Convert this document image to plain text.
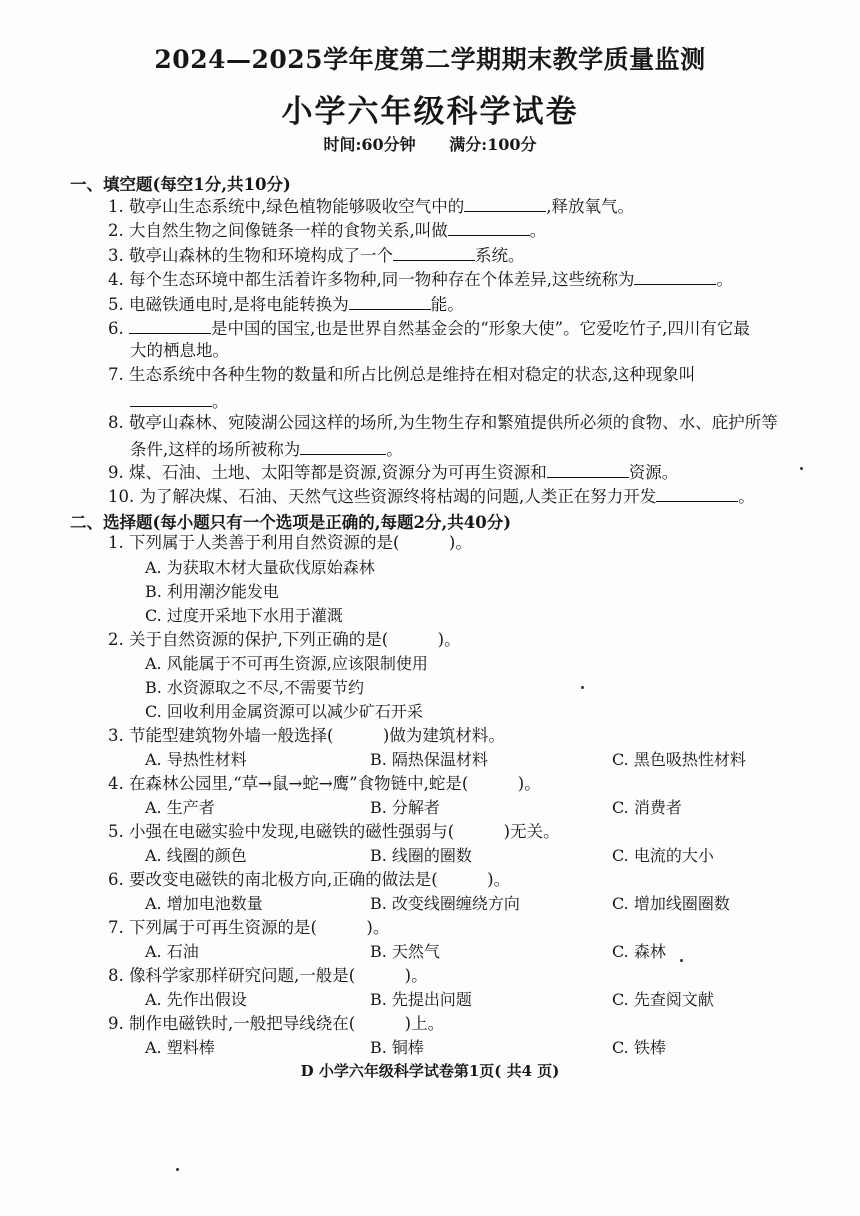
2024—2025学年度第二学期期末教学质量监测
小学六年级科学试卷
时间:60分钟 满分:100分
一、填空题(每空1分,共10分)
1. 敬亭山生态系统中,绿色植物能够吸收空气中的	,释放氧气。
2. 大自然生物之间像链条一样的食物关系,叫做	。
3. 敬亭山森林的生物和环境构成了一个	系统。
4. 每个生态环境中都生活着许多物种,同一物种存在个体差异,这些统称为	。
5. 电磁铁通电时,是将电能转换为	能。
6.	是中国的国宝,也是世界自然基金会的“形象大使”。它爱吃竹子,四川有它最
大的栖息地。
7. 生态系统中各种生物的数量和所占比例总是维持在相对稳定的状态,这种现象叫
。
8. 敬亭山森林、宛陵湖公园这样的场所,为生物生存和繁殖提供所必须的食物、水、庇护所等
条件,这样的场所被称为	。
9. 煤、石油、土地、太阳等都是资源,资源分为可再生资源和	资源。
10. 为了解决煤、石油、天然气这些资源终将枯竭的问题,人类正在努力开发	。
二、选择题(每小题只有一个选项是正确的,每题2分,共40分)
1. 下列属于人类善于利用自然资源的是(　　　)。
A. 为获取木材大量砍伐原始森林
B. 利用潮汐能发电
C. 过度开采地下水用于灌溉
2. 关于自然资源的保护,下列正确的是(　　　)。
A. 风能属于不可再生资源,应该限制使用
B. 水资源取之不尽,不需要节约
C. 回收利用金属资源可以减少矿石开采
3. 节能型建筑物外墙一般选择(　　　)做为建筑材料。
A. 导热性材料	B. 隔热保温材料	C. 黑色吸热性材料
4. 在森林公园里,“草→鼠→蛇→鹰”食物链中,蛇是(　　　)。
A. 生产者	B. 分解者	C. 消费者
5. 小强在电磁实验中发现,电磁铁的磁性强弱与(　　　)无关。
A. 线圈的颜色	B. 线圈的圈数	C. 电流的大小
6. 要改变电磁铁的南北极方向,正确的做法是(　　　)。
A. 增加电池数量	B. 改变线圈缠绕方向	C. 增加线圈圈数
7. 下列属于可再生资源的是(　　　)。
A. 石油	B. 天然气	C. 森林
8. 像科学家那样研究问题,一般是(　　　)。
A. 先作出假设	B. 先提出问题	C. 先查阅文献
9. 制作电磁铁时,一般把导线绕在(　　　)上。
A. 塑料棒	B. 铜棒	C. 铁棒
D 小学六年级科学试卷第1页( 共4 页)
